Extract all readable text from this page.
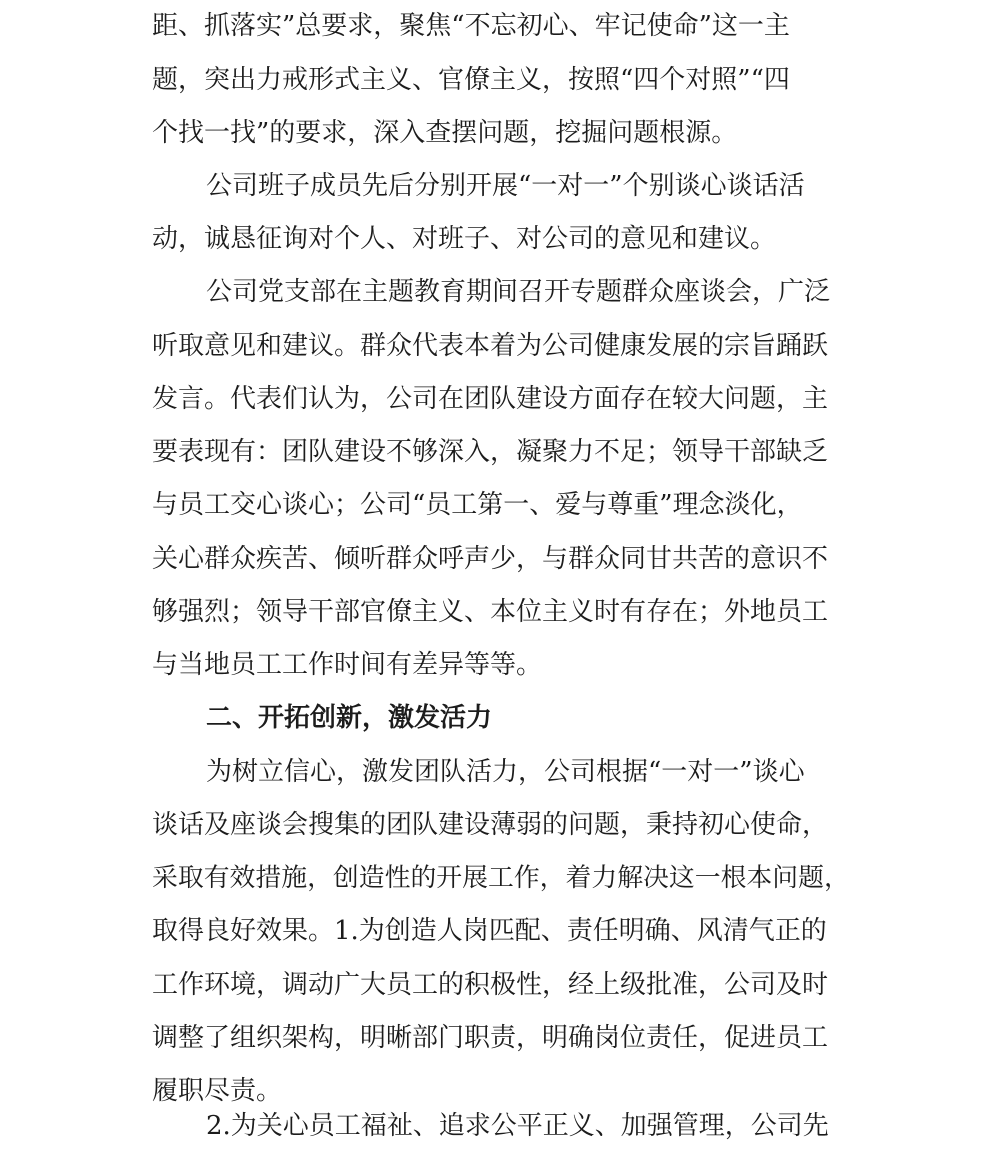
距、抓落实”总要求，聚焦“不忘初心、牢记使命”这一主
题，突出力戒形式主义、官僚主义，按照“四个对照”“四
个找一找”的要求，深入查摆问题，挖掘问题根源。
公司班子成员先后分别开展“一对一”个别谈心谈话活
动，诚恳征询对个人、对班子、对公司的意见和建议。
公司党支部在主题教育期间召开专题群众座谈会，广泛
听取意见和建议。群众代表本着为公司健康发展的宗旨踊跃
发言。代表们认为，公司在团队建设方面存在较大问题，主
要表现有：团队建设不够深入，凝聚力不足；领导干部缺乏
与员工交心谈心；公司“员工第一、爱与尊重”理念淡化，
关心群众疾苦、倾听群众呼声少，与群众同甘共苦的意识不
够强烈；领导干部官僚主义、本位主义时有存在；外地员工
与当地员工工作时间有差异等等。
二、开拓创新，激发活力
为树立信心，激发团队活力，公司根据“一对一”谈心
谈话及座谈会搜集的团队建设薄弱的问题，秉持初心使命，
采取有效措施，创造性的开展工作，着力解决这一根本问题，
取得良好效果。1.为创造人岗匹配、责任明确、风清气正的
工作环境，调动广大员工的积极性，经上级批准，公司及时
调整了组织架构，明晰部门职责，明确岗位责任，促进员工
履职尽责。
2.为关心员工福祉、追求公平正义、加强管理，公司先
